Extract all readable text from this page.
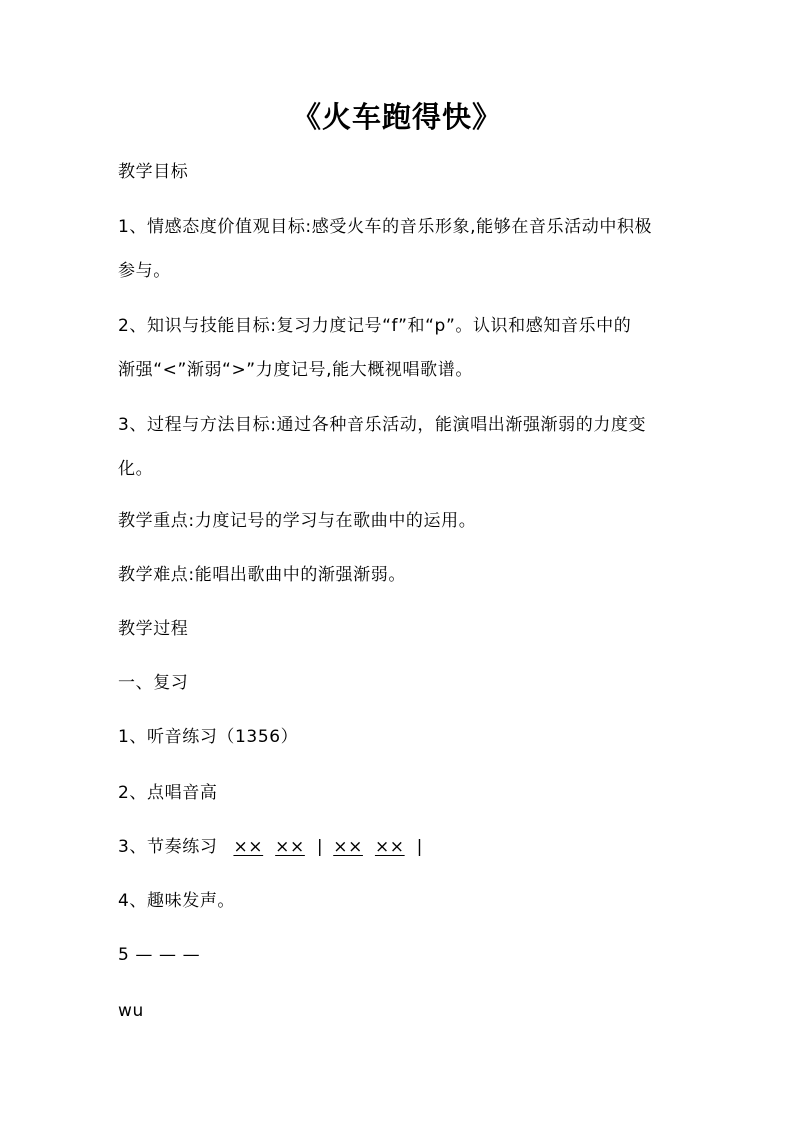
《火车跑得快》
教学目标
1、情感态度价值观目标:感受火车的音乐形象,能够在音乐活动中积极
参与。
2、知识与技能目标:复习力度记号“f”和“p”。认识和感知音乐中的
渐强“<”渐弱“>”力度记号,能大概视唱歌谱。
3、过程与方法目标:通过各种音乐活动，能演唱出渐强渐弱的力度变
化。
教学重点:力度记号的学习与在歌曲中的运用。
教学难点:能唱出歌曲中的渐强渐弱。
教学过程
一、复习
1、听音练习（1356）
2、点唱音高
3、节奏练习 ×× ×× | ×× ×× |
4、趣味发声。
5 — — —
wu
